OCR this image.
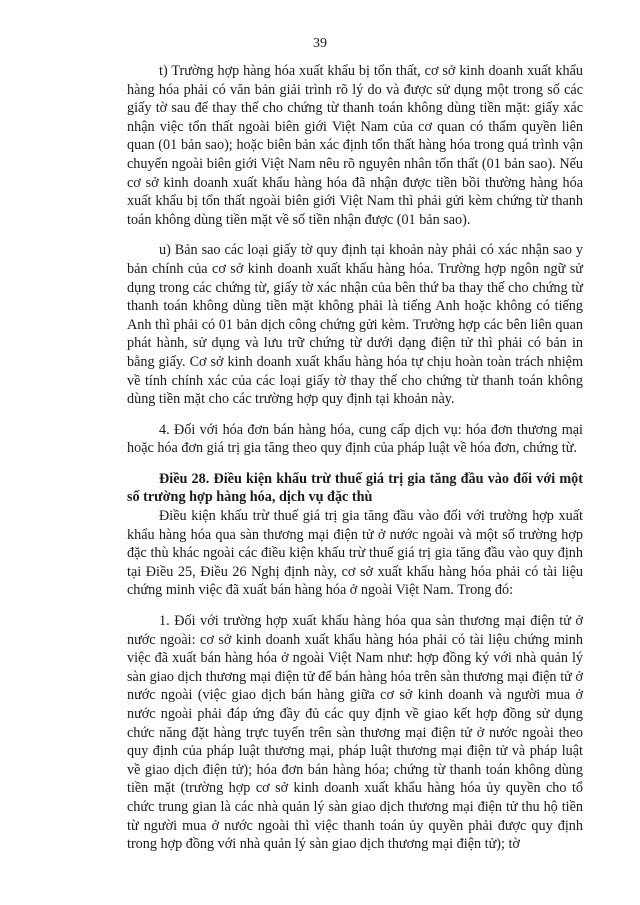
39

t) Trường hợp hàng hóa xuất khẩu bị tổn thất, cơ sở kinh doanh xuất khẩu hàng hóa phải có văn bản giải trình rõ lý do và được sử dụng một trong số các giấy tờ sau để thay thế cho chứng từ thanh toán không dùng tiền mặt: giấy xác nhận việc tổn thất ngoài biên giới Việt Nam của cơ quan có thẩm quyền liên quan (01 bản sao); hoặc biên bản xác định tổn thất hàng hóa trong quá trình vận chuyển ngoài biên giới Việt Nam nêu rõ nguyên nhân tổn thất (01 bản sao). Nếu cơ sở kinh doanh xuất khẩu hàng hóa đã nhận được tiền bồi thường hàng hóa xuất khẩu bị tổn thất ngoài biên giới Việt Nam thì phải gửi kèm chứng từ thanh toán không dùng tiền mặt về số tiền nhận được (01 bản sao).

u) Bản sao các loại giấy tờ quy định tại khoản này phải có xác nhận sao y bản chính của cơ sở kinh doanh xuất khẩu hàng hóa. Trường hợp ngôn ngữ sử dụng trong các chứng từ, giấy tờ xác nhận của bên thứ ba thay thế cho chứng từ thanh toán không dùng tiền mặt không phải là tiếng Anh hoặc không có tiếng Anh thì phải có 01 bản dịch công chứng gửi kèm. Trường hợp các bên liên quan phát hành, sử dụng và lưu trữ chứng từ dưới dạng điện tử thì phải có bản in bằng giấy. Cơ sở kinh doanh xuất khẩu hàng hóa tự chịu hoàn toàn trách nhiệm về tính chính xác của các loại giấy tờ thay thế cho chứng từ thanh toán không dùng tiền mặt cho các trường hợp quy định tại khoản này.

4. Đối với hóa đơn bán hàng hóa, cung cấp dịch vụ: hóa đơn thương mại hoặc hóa đơn giá trị gia tăng theo quy định của pháp luật về hóa đơn, chứng từ.

Điều 28. Điều kiện khấu trừ thuế giá trị gia tăng đầu vào đối với một số trường hợp hàng hóa, dịch vụ đặc thù

Điều kiện khấu trừ thuế giá trị gia tăng đầu vào đối với trường hợp xuất khẩu hàng hóa qua sàn thương mại điện tử ở nước ngoài và một số trường hợp đặc thù khác ngoài các điều kiện khấu trừ thuế giá trị gia tăng đầu vào quy định tại Điều 25, Điều 26 Nghị định này, cơ sở xuất khẩu hàng hóa phải có tài liệu chứng minh việc đã xuất bán hàng hóa ở ngoài Việt Nam. Trong đó:

1. Đối với trường hợp xuất khẩu hàng hóa qua sàn thương mại điện tử ở nước ngoài: cơ sở kinh doanh xuất khẩu hàng hóa phải có tài liệu chứng minh việc đã xuất bán hàng hóa ở ngoài Việt Nam như: hợp đồng ký với nhà quản lý sàn giao dịch thương mại điện tử để bán hàng hóa trên sàn thương mại điện tử ở nước ngoài (việc giao dịch bán hàng giữa cơ sở kinh doanh và người mua ở nước ngoài phải đáp ứng đầy đủ các quy định về giao kết hợp đồng sử dụng chức năng đặt hàng trực tuyến trên sàn thương mại điện tử ở nước ngoài theo quy định của pháp luật thương mại, pháp luật thương mại điện tử và pháp luật về giao dịch điện tử); hóa đơn bán hàng hóa; chứng từ thanh toán không dùng tiền mặt (trường hợp cơ sở kinh doanh xuất khẩu hàng hóa ủy quyền cho tổ chức trung gian là các nhà quản lý sàn giao dịch thương mại điện tử thu hộ tiền từ người mua ở nước ngoài thì việc thanh toán ủy quyền phải được quy định trong hợp đồng với nhà quản lý sàn giao dịch thương mại điện tử); tờ
